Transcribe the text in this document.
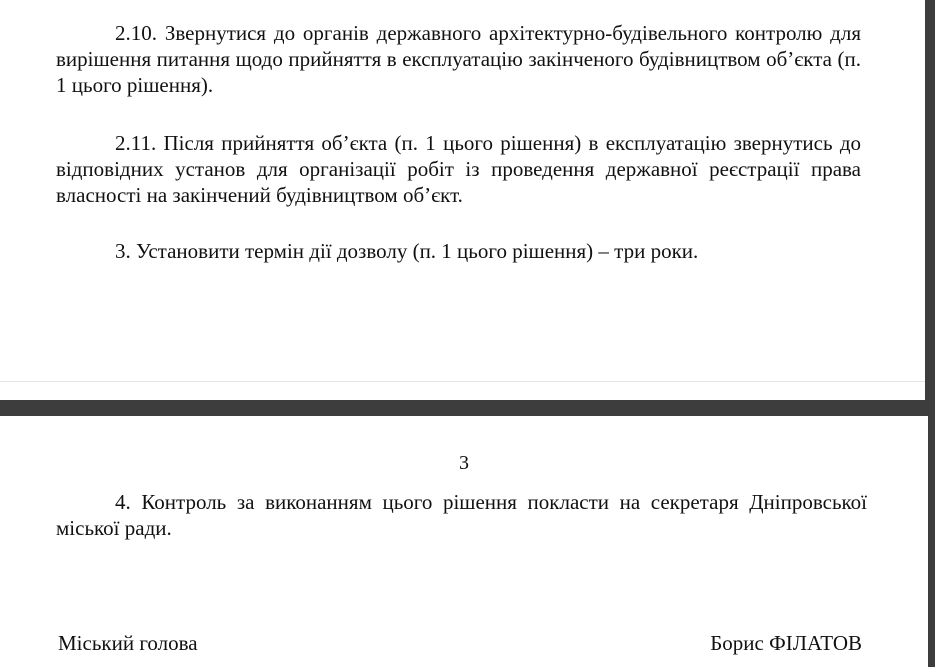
2.10. Звернутися до органів державного архітектурно-будівельного контролю для вирішення питання щодо прийняття в експлуатацію закінченого будівництвом об’єкта (п. 1 цього рішення).

2.11. Після прийняття об’єкта (п. 1 цього рішення) в експлуатацію звернутись до відповідних установ для організації робіт із проведення державної реєстрації права власності на закінчений будівництвом об’єкт.

3. Установити термін дії дозволу (п. 1 цього рішення) – три роки.

3

4. Контроль за виконанням цього рішення покласти на секретаря Дніпровської міської ради.

Міський голова	Борис ФІЛАТОВ
